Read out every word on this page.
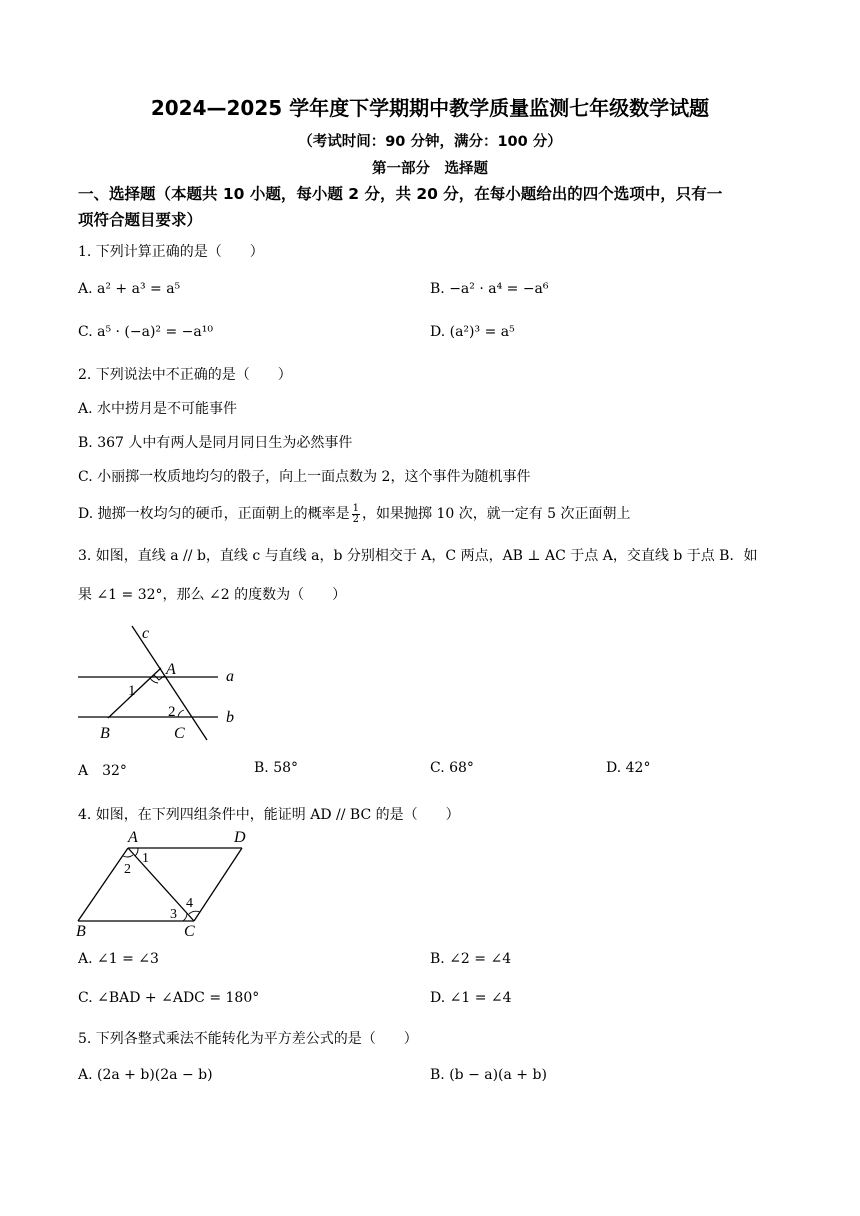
2024—2025 学年度下学期期中教学质量监测七年级数学试题
（考试时间：90 分钟，满分：100 分）
第一部分　选择题
一、选择题（本题共 10 小题，每小题 2 分，共 20 分，在每小题给出的四个选项中，只有一
项符合题目要求）
1. 下列计算正确的是（　　）
A. a² + a³ = a⁵	B. −a² · a⁴ = −a⁶
C. a⁵ · (−a)² = −a¹⁰	D. (a²)³ = a⁵
2. 下列说法中不正确的是（　　）
A. 水中捞月是不可能事件
B. 367 人中有两人是同月同日生为必然事件
C. 小丽掷一枚质地均匀的骰子，向上一面点数为 2，这个事件为随机事件
D. 抛掷一枚均匀的硬币，正面朝上的概率是 $\frac{1}{2}$ ，如果抛掷 10 次，就一定有 5 次正面朝上
3. 如图，直线 a // b，直线 c 与直线 a，b 分别相交于 A，C 两点，AB ⊥ AC 于点 A，交直线 b 于点 B．如
果 ∠1 = 32°，那么 ∠2 的度数为（　　）
c
A	a
1
2	b
B	C
A　32°	B. 58°	C. 68°	D. 42°
4. 如图，在下列四组条件中，能证明 AD // BC 的是（　　）
A	D
1
2
3
4
B	C
A. ∠1 = ∠3	B. ∠2 = ∠4
C. ∠BAD + ∠ADC = 180°	D. ∠1 = ∠4
5. 下列各整式乘法不能转化为平方差公式的是（　　）
A. (2a + b)(2a − b)	B. (b − a)(a + b)
